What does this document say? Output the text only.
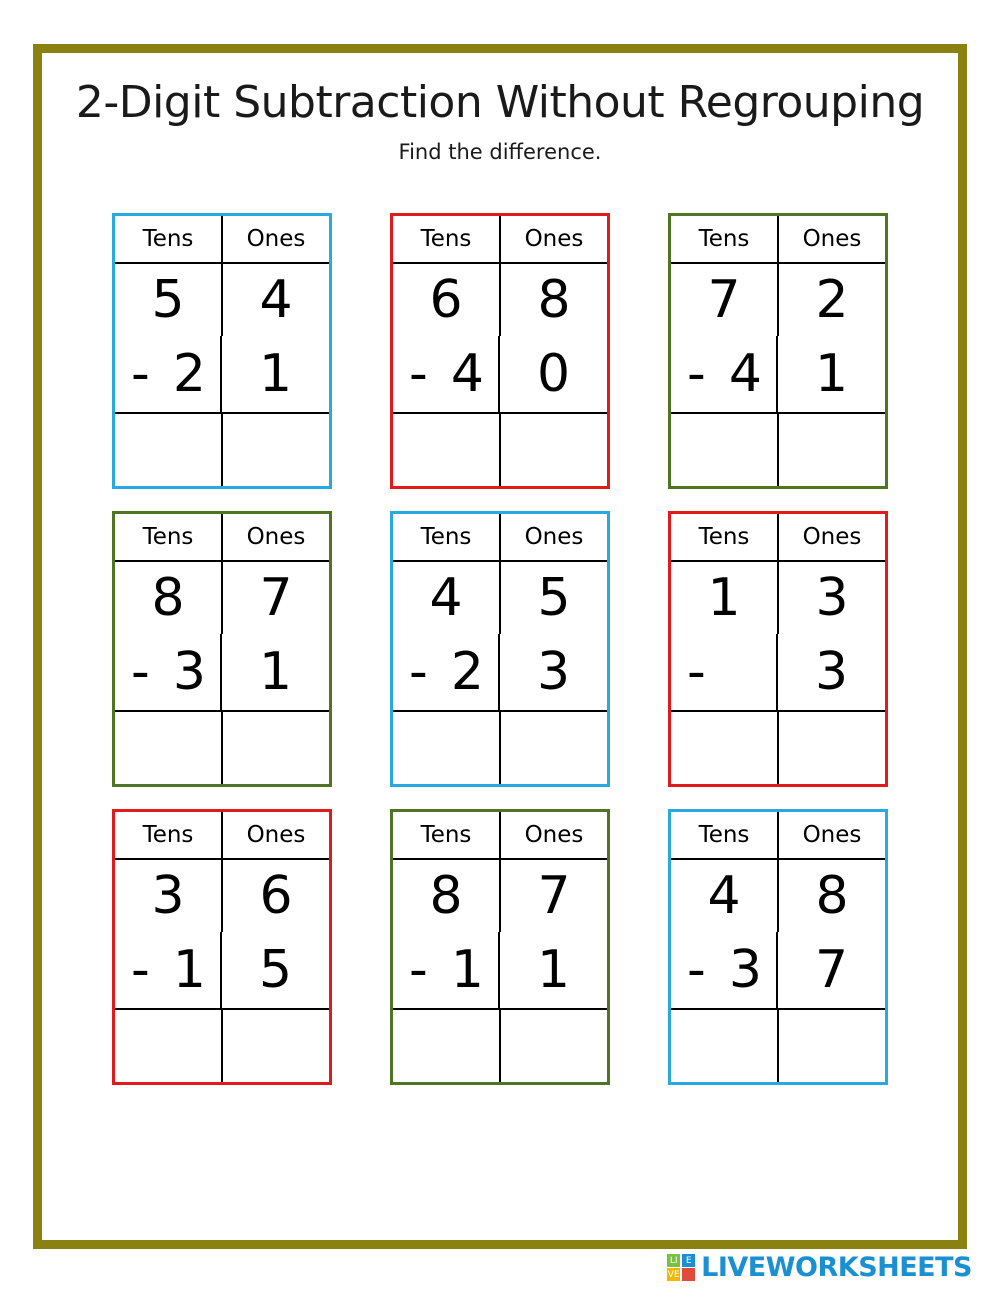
2-Digit Subtraction Without Regrouping
Find the difference.
Tens	Ones
5	4
- 2	1
Tens	Ones
6	8
- 4	0
Tens	Ones
7	2
- 4	1
Tens	Ones
8	7
- 3	1
Tens	Ones
4	5
- 2	3
Tens	Ones
1	3
-	3
Tens	Ones
3	6
- 1	5
Tens	Ones
8	7
- 1	1
Tens	Ones
4	8
- 3	7
LI
VE
E LIVEWORKSHEETS
